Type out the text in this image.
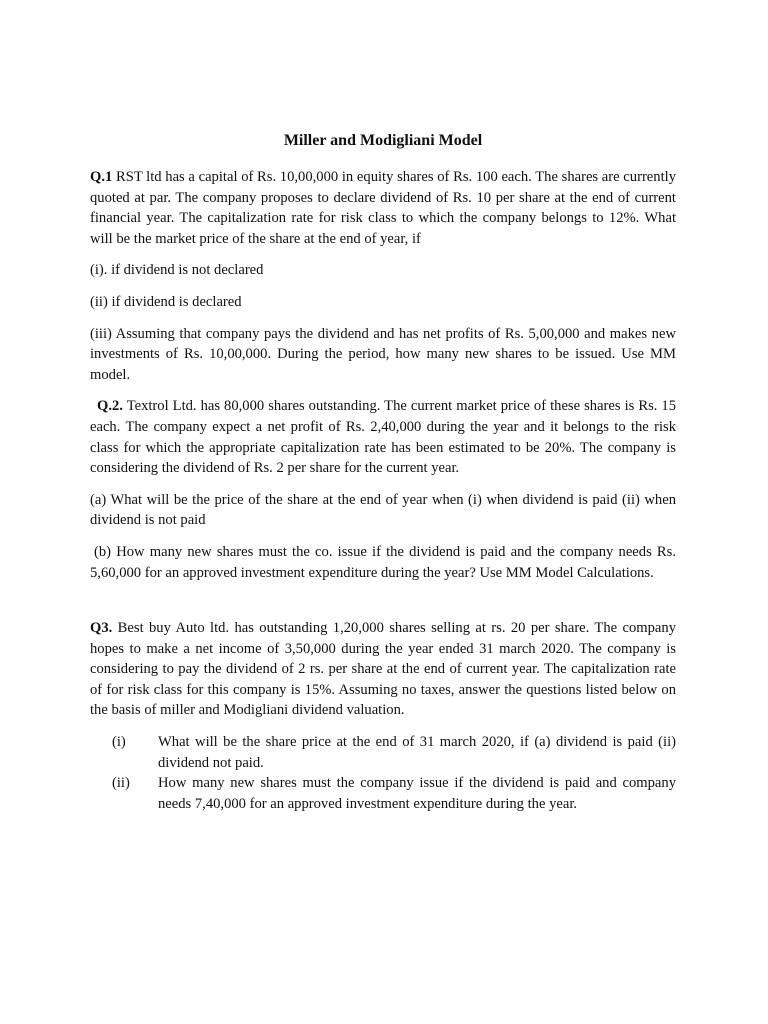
Miller and Modigliani Model

Q.1 RST ltd has a capital of Rs. 10,00,000 in equity shares of Rs. 100 each. The shares are currently quoted at par. The company proposes to declare dividend of Rs. 10 per share at the end of current financial year. The capitalization rate for risk class to which the company belongs to 12%. What will be the market price of the share at the end of year, if

(i). if dividend is not declared

(ii) if dividend is declared

(iii) Assuming that company pays the dividend and has net profits of Rs. 5,00,000 and makes new investments of Rs. 10,00,000. During the period, how many new shares to be issued. Use MM model.

Q.2. Textrol Ltd. has 80,000 shares outstanding. The current market price of these shares is Rs. 15 each. The company expect a net profit of Rs. 2,40,000 during the year and it belongs to the risk class for which the appropriate capitalization rate has been estimated to be 20%. The company is considering the dividend of Rs. 2 per share for the current year.

(a) What will be the price of the share at the end of year when (i) when dividend is paid (ii) when dividend is not paid

(b) How many new shares must the co. issue if the dividend is paid and the company needs Rs. 5,60,000 for an approved investment expenditure during the year? Use MM Model Calculations.

Q3. Best buy Auto ltd. has outstanding 1,20,000 shares selling at rs. 20 per share. The company hopes to make a net income of 3,50,000 during the year ended 31 march 2020. The company is considering to pay the dividend of 2 rs. per share at the end of current year. The capitalization rate of for risk class for this company is 15%. Assuming no taxes, answer the questions listed below on the basis of miller and Modigliani dividend valuation.

(i)	What will be the share price at the end of 31 march 2020, if (a) dividend is paid (ii) dividend not paid.
(ii)	How many new shares must the company issue if the dividend is paid and company needs 7,40,000 for an approved investment expenditure during the year.
